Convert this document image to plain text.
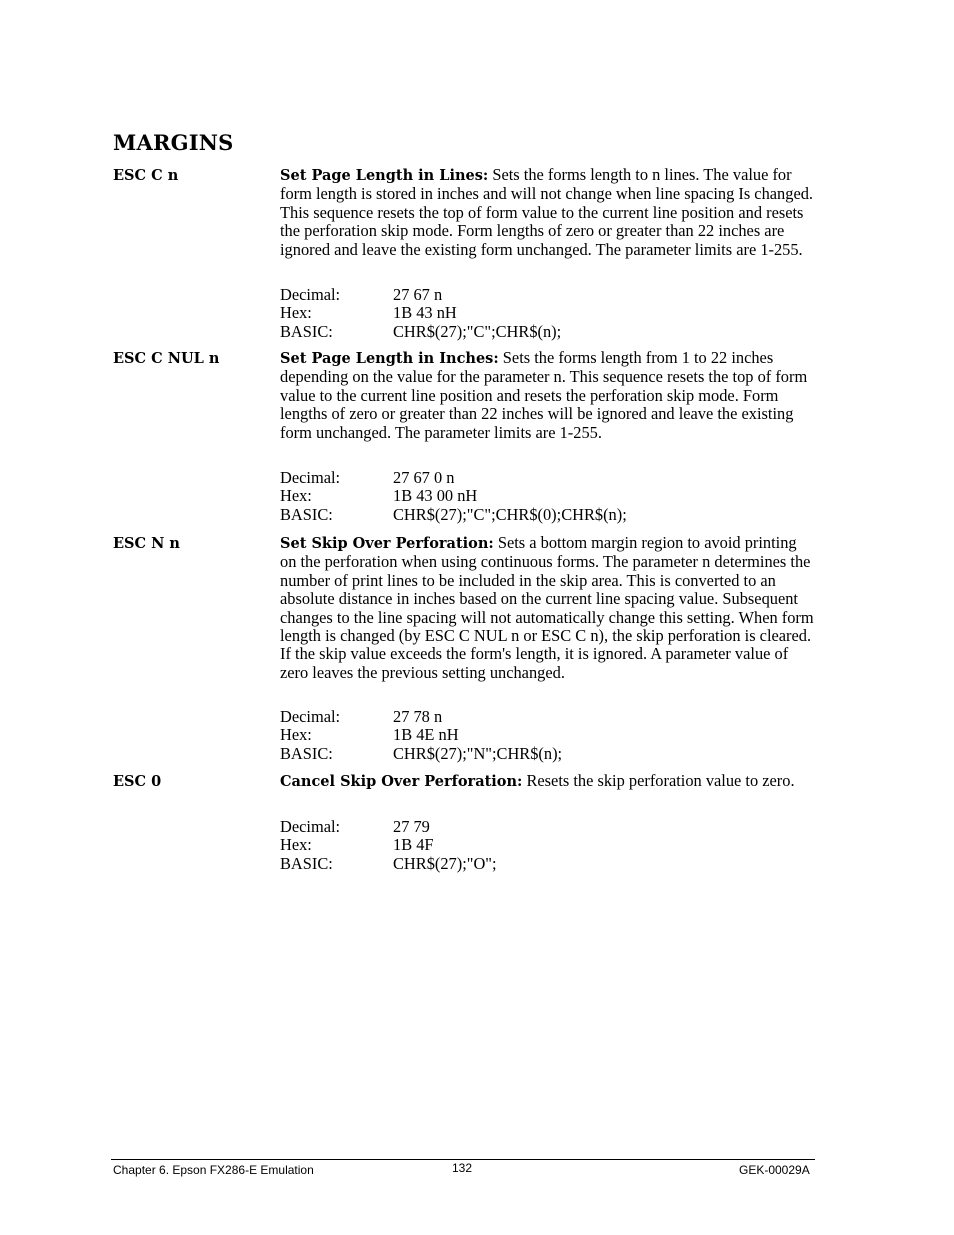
MARGINS
ESC C n	Set Page Length in Lines: Sets the forms length to n lines. The value for form length is stored in inches and will not change when line spacing Is changed. This sequence resets the top of form value to the current line position and resets the perforation skip mode. Form lengths of zero or greater than 22 inches are ignored and leave the existing form unchanged. The parameter limits are 1-255.
Decimal:	27 67 n
Hex:	1B 43 nH
BASIC:	CHR$(27);"C";CHR$(n);
ESC C NUL n	Set Page Length in Inches: Sets the forms length from 1 to 22 inches depending on the value for the parameter n. This sequence resets the top of form value to the current line position and resets the perforation skip mode. Form lengths of zero or greater than 22 inches will be ignored and leave the existing form unchanged. The parameter limits are 1-255.
Decimal:	27 67 0 n
Hex:	1B 43 00 nH
BASIC:	CHR$(27);"C";CHR$(0);CHR$(n);
ESC N n	Set Skip Over Perforation: Sets a bottom margin region to avoid printing on the perforation when using continuous forms. The parameter n determines the number of print lines to be included in the skip area. This is converted to an absolute distance in inches based on the current line spacing value. Subsequent changes to the line spacing will not automatically change this setting. When form length is changed (by ESC C NUL n or ESC C n), the skip perforation is cleared. If the skip value exceeds the form's length, it is ignored. A parameter value of zero leaves the previous setting unchanged.
Decimal:	27 78 n
Hex:	1B 4E nH
BASIC:	CHR$(27);"N";CHR$(n);
ESC 0	Cancel Skip Over Perforation: Resets the skip perforation value to zero.
Decimal:	27 79
Hex:	1B 4F
BASIC:	CHR$(27);"O";
Chapter 6. Epson FX286-E Emulation	132	GEK-00029A
